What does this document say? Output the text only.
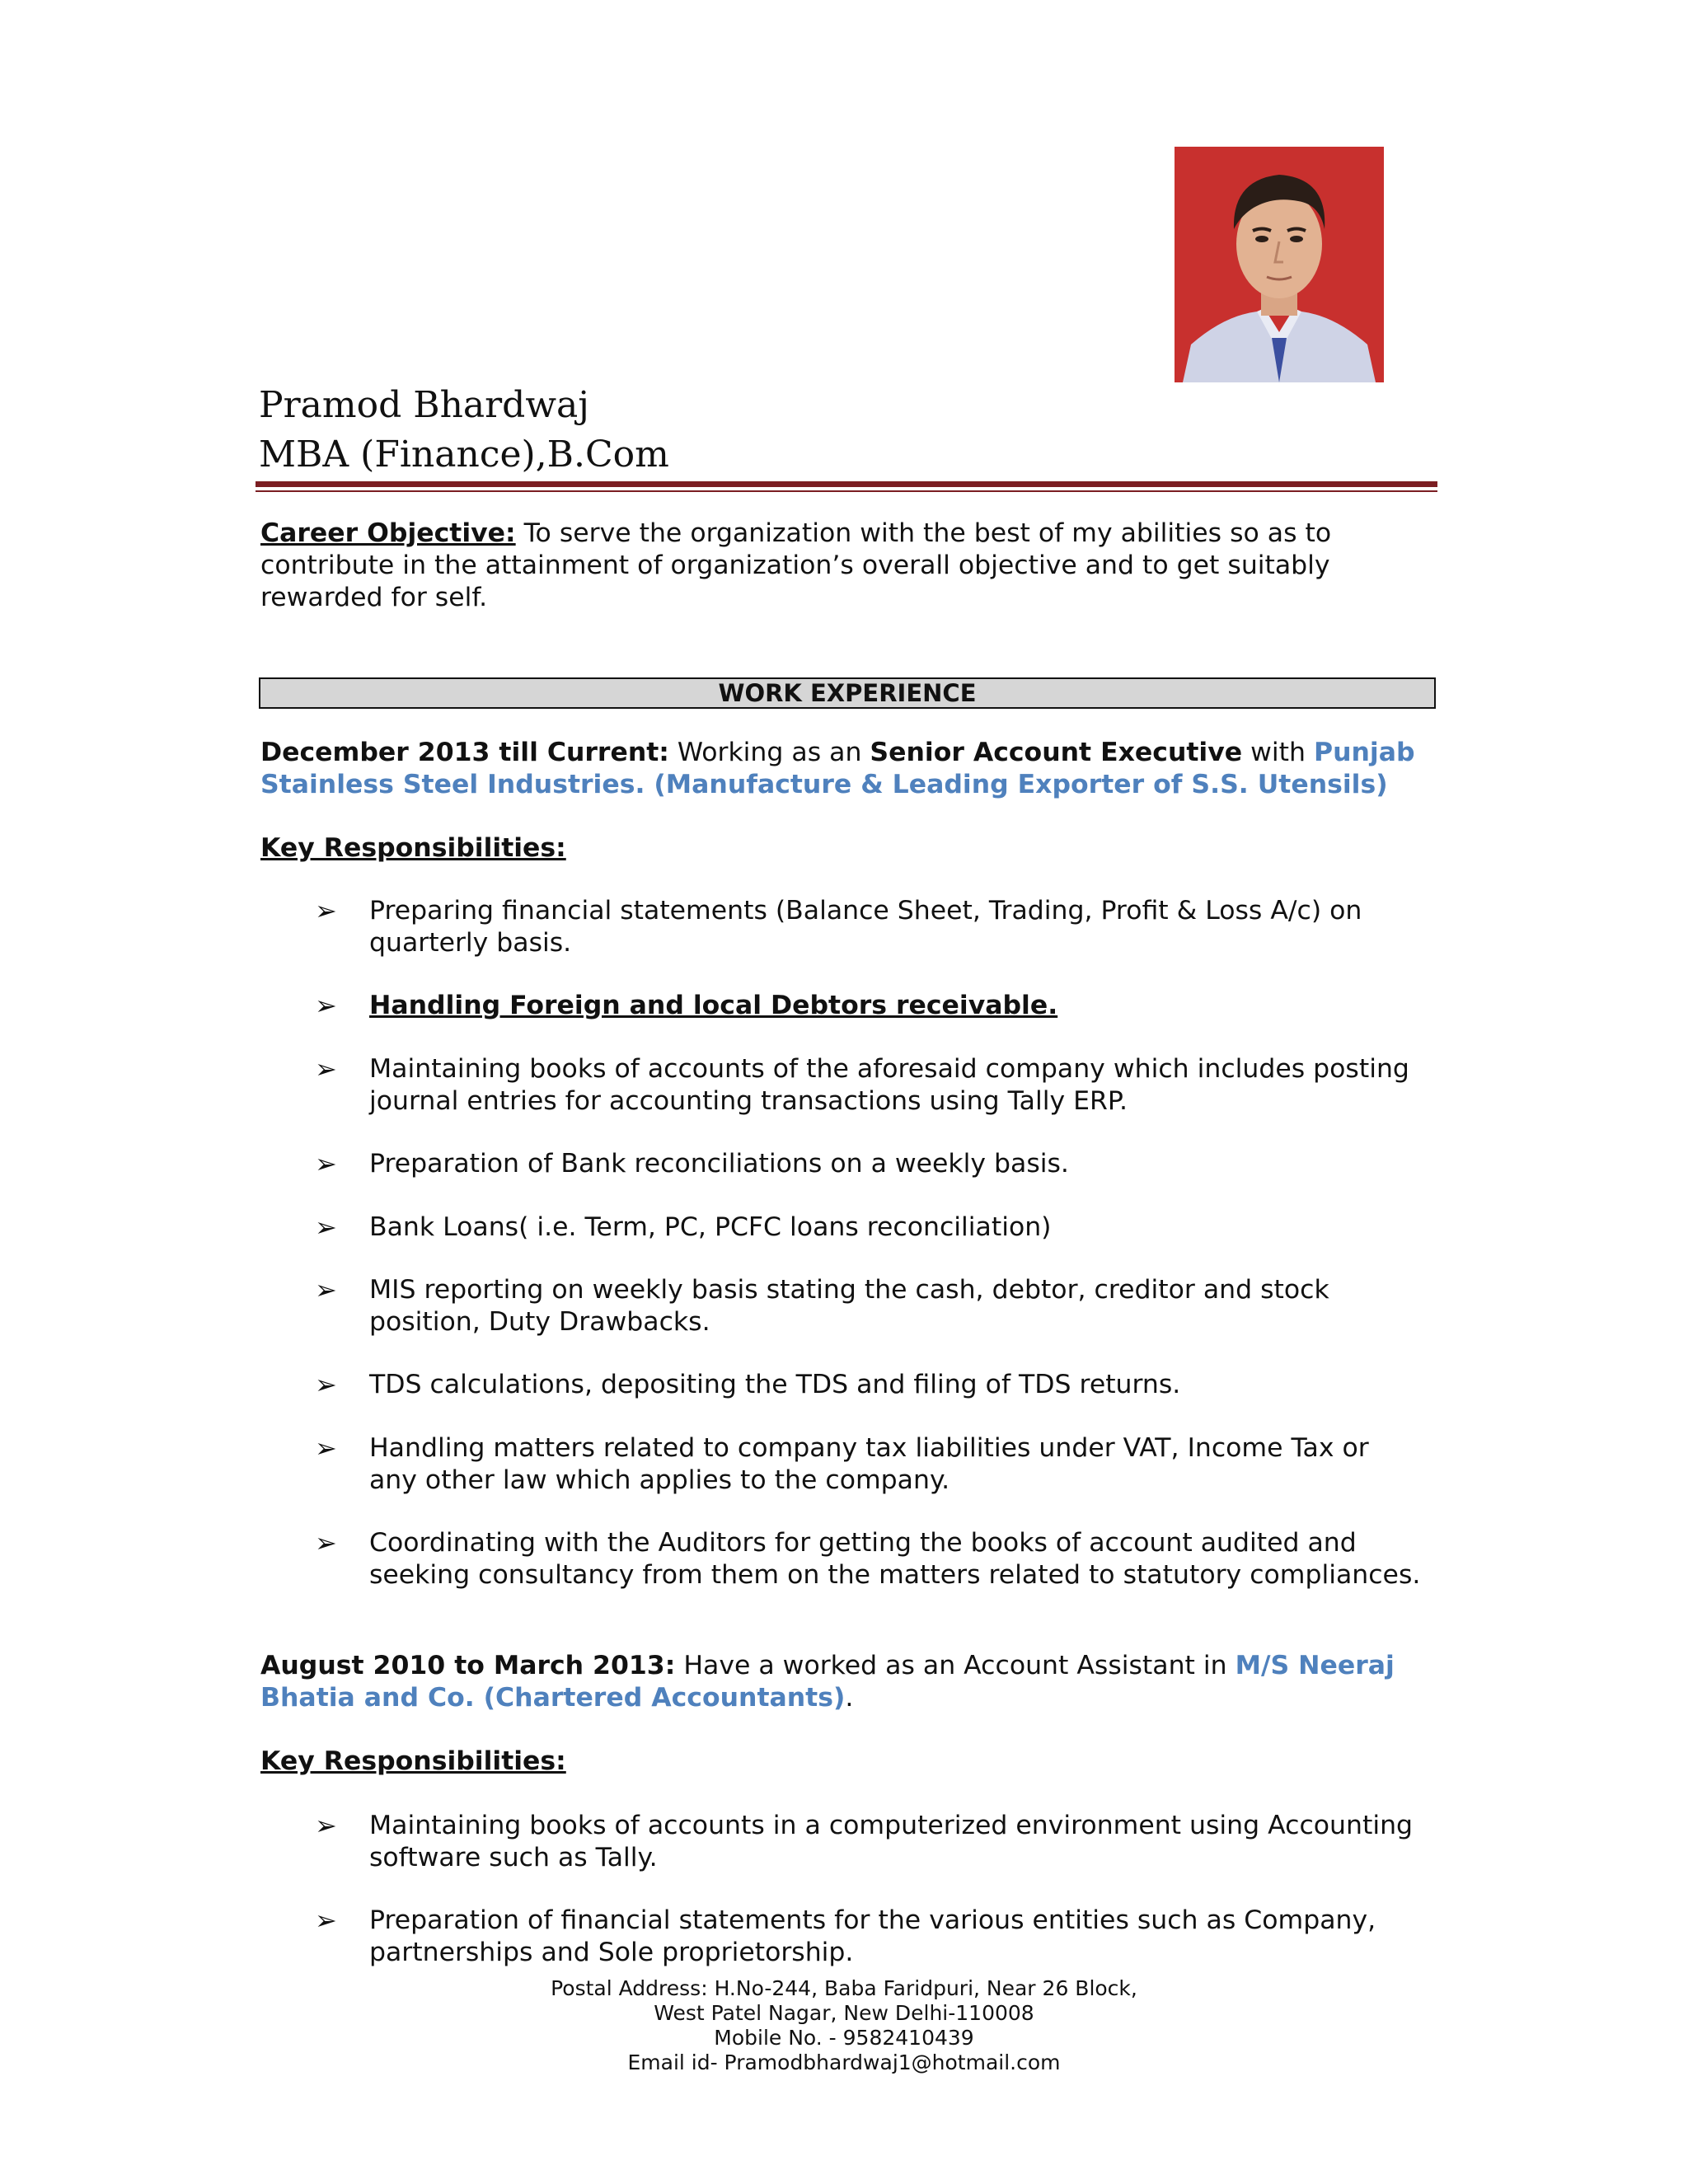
Pramod Bhardwaj
MBA (Finance),B.Com
Career Objective: To serve the organization with the best of my abilities so as to
contribute in the attainment of organization’s overall objective and to get suitably
rewarded for self.
WORK EXPERIENCE
December 2013 till Current: Working as an Senior Account Executive with Punjab
Stainless Steel Industries. (Manufacture & Leading Exporter of S.S. Utensils)
Key Responsibilities:
➢	Preparing financial statements (Balance Sheet, Trading, Profit & Loss A/c) on
quarterly basis.
➢	Handling Foreign and local Debtors receivable.
➢	Maintaining books of accounts of the aforesaid company which includes posting
journal entries for accounting transactions using Tally ERP.
➢	Preparation of Bank reconciliations on a weekly basis.
➢	Bank Loans( i.e. Term, PC, PCFC loans reconciliation)
➢	MIS reporting on weekly basis stating the cash, debtor, creditor and stock
position, Duty Drawbacks.
➢	TDS calculations, depositing the TDS and filing of TDS returns.
➢	Handling matters related to company tax liabilities under VAT, Income Tax or
any other law which applies to the company.
➢	Coordinating with the Auditors for getting the books of account audited and
seeking consultancy from them on the matters related to statutory compliances.
August 2010 to March 2013: Have a worked as an Account Assistant in M/S Neeraj
Bhatia and Co. (Chartered Accountants).
Key Responsibilities:
➢	Maintaining books of accounts in a computerized environment using Accounting
software such as Tally.
➢	Preparation of financial statements for the various entities such as Company,
partnerships and Sole proprietorship.
Postal Address: H.No-244, Baba Faridpuri, Near 26 Block,
West Patel Nagar, New Delhi-110008
Mobile No. - 9582410439
Email id- Pramodbhardwaj1@hotmail.com
